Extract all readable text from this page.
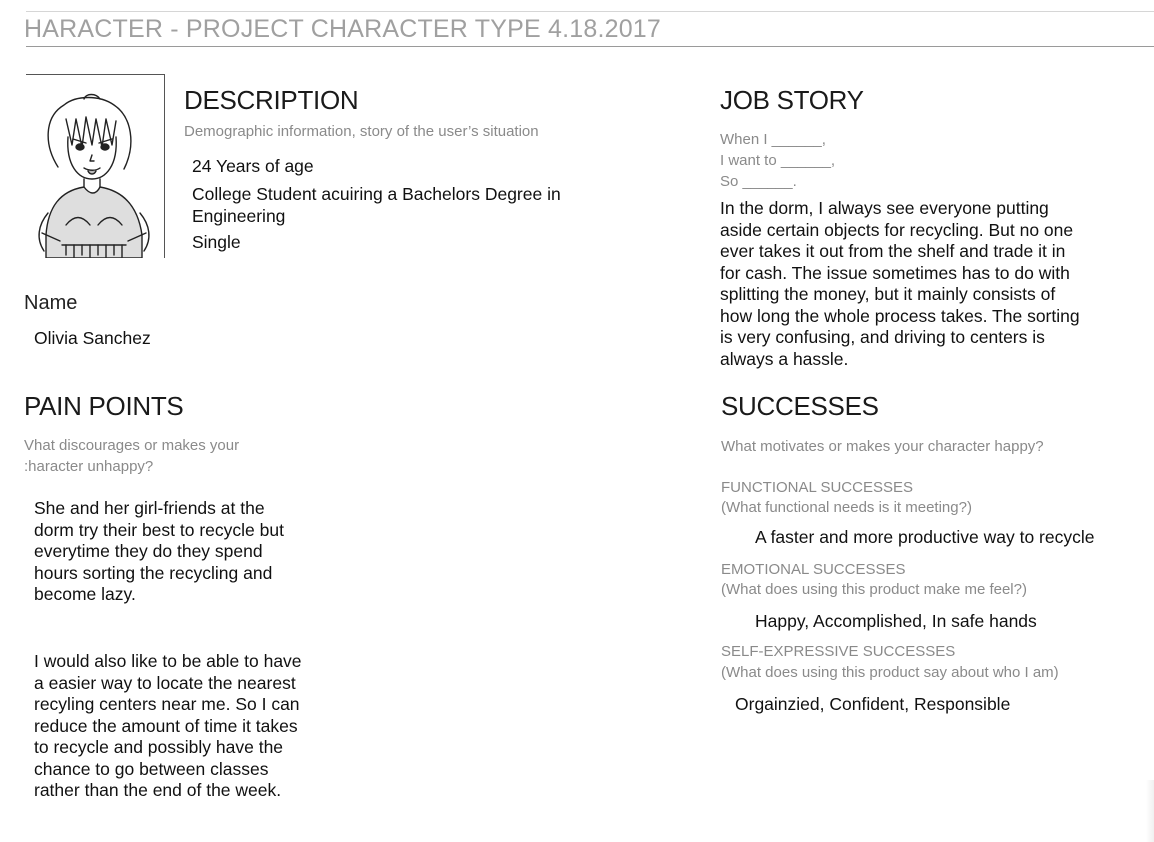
HARACTER - PROJECT CHARACTER TYPE 4.18.2017
DESCRIPTION
Demographic information, story of the user’s situation
24 Years of age
College Student acuiring a Bachelors Degree in Engineering
Single
Name
Olivia Sanchez
PAIN POINTS
Vhat discourages or makes your :haracter unhappy?
She and her girl-friends at the dorm try their best to recycle but everytime they do they spend hours sorting the recycling and become lazy.
I would also like to be able to have a easier way to locate the nearest recyling centers near me. So I can reduce the amount of time it takes to recycle and possibly have the chance to go between classes rather than the end of the week.
JOB STORY
When I ______,
I want to ______,
So ______.
In the dorm, I always see everyone putting aside certain objects for recycling. But no one ever takes it out from the shelf and trade it in for cash. The issue sometimes has to do with splitting the money, but it mainly consists of how long the whole process takes. The sorting is very confusing, and driving to centers is always a hassle.
SUCCESSES
What motivates or makes your character happy?
FUNCTIONAL SUCCESSES
(What functional needs is it meeting?)
A faster and more productive way to recycle
EMOTIONAL SUCCESSES
(What does using this product make me feel?)
Happy, Accomplished, In safe hands
SELF-EXPRESSIVE SUCCESSES
(What does using this product say about who I am)
Orgainzied, Confident, Responsible
